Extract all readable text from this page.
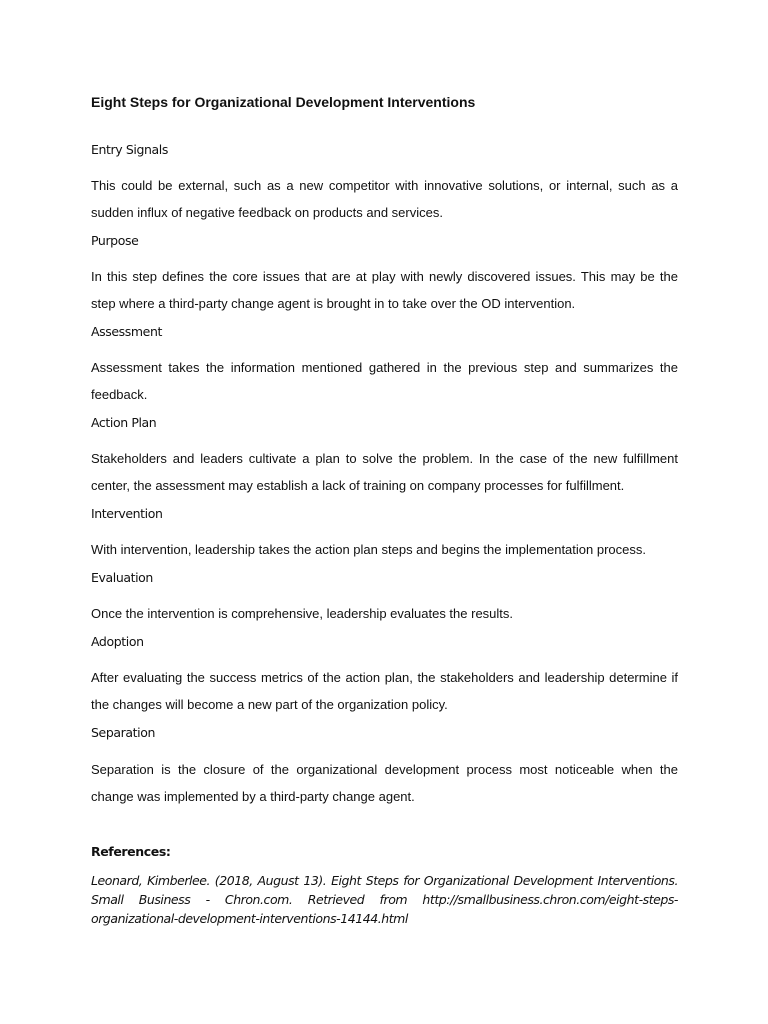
Eight Steps for Organizational Development Interventions
Entry Signals
This could be external, such as a new competitor with innovative solutions, or internal, such as a sudden influx of negative feedback on products and services.
Purpose
In this step defines the core issues that are at play with newly discovered issues. This may be the step where a third-party change agent is brought in to take over the OD intervention.
Assessment
Assessment takes the information mentioned gathered in the previous step and summarizes the feedback.
Action Plan
Stakeholders and leaders cultivate a plan to solve the problem. In the case of the new fulfillment center, the assessment may establish a lack of training on company processes for fulfillment.
Intervention
With intervention, leadership takes the action plan steps and begins the implementation process.
Evaluation
Once the intervention is comprehensive, leadership evaluates the results.
Adoption
After evaluating the success metrics of the action plan, the stakeholders and leadership determine if the changes will become a new part of the organization policy.
Separation
Separation is the closure of the organizational development process most noticeable when the change was implemented by a third-party change agent.
References:
Leonard, Kimberlee. (2018, August 13). Eight Steps for Organizational Development Interventions. Small Business - Chron.com. Retrieved from http://smallbusiness.chron.com/eight-steps-organizational-development-interventions-14144.html
